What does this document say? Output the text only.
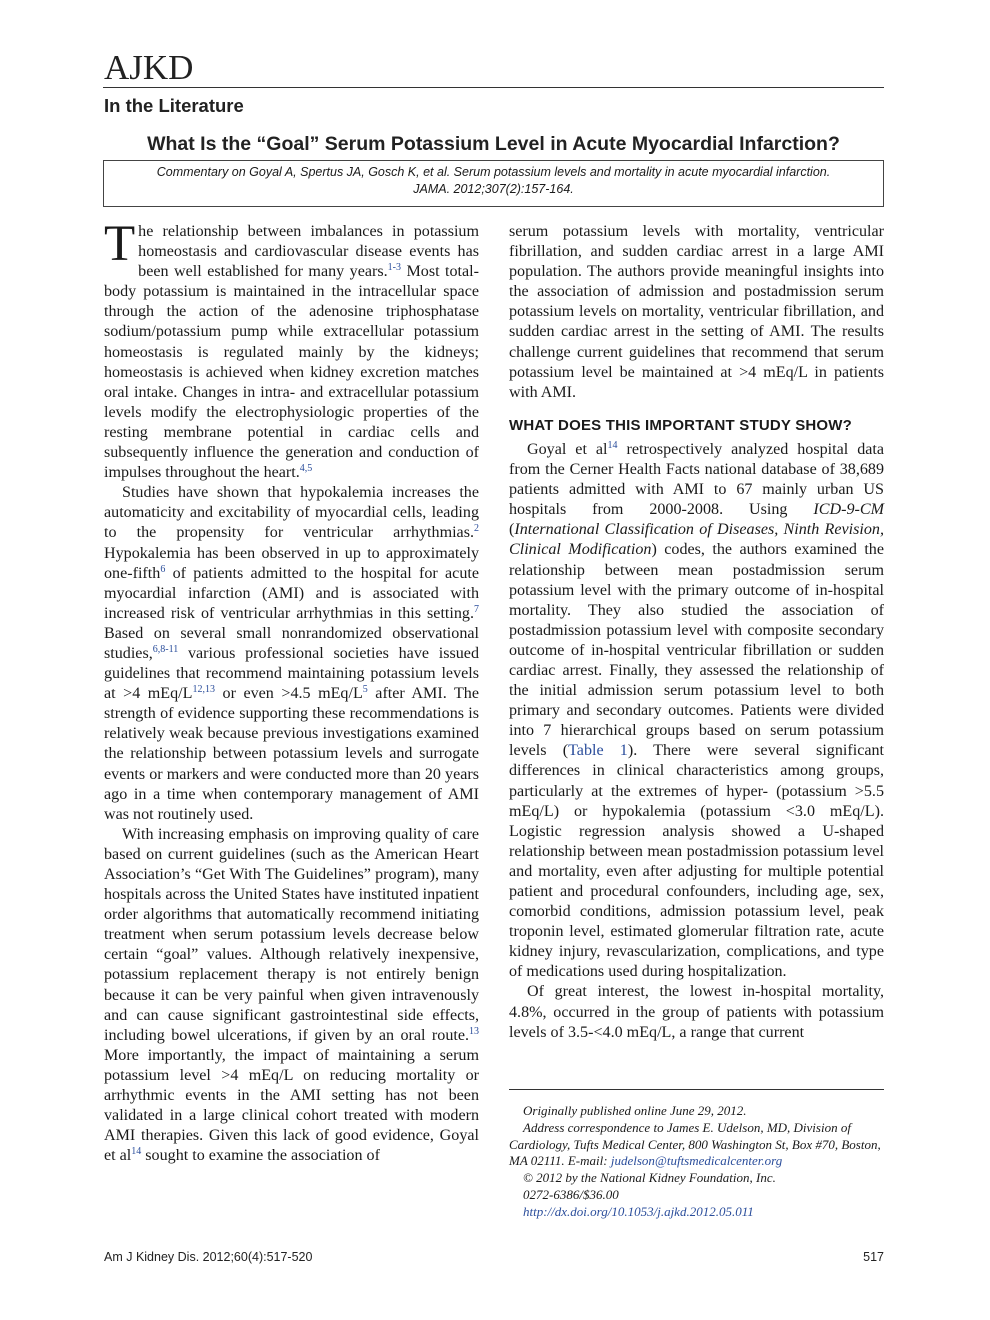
AJKD
In the Literature
What Is the “Goal” Serum Potassium Level in Acute Myocardial Infarction?
Commentary on Goyal A, Spertus JA, Gosch K, et al. Serum potassium levels and mortality in acute myocardial infarction.
JAMA. 2012;307(2):157-164.

The relationship between imbalances in potassium homeostasis and cardiovascular disease events has been well established for many years.$^{1-3}$ Most total-body potassium is maintained in the intracellular space through the action of the adenosine triphosphatase sodium/potassium pump while extracellular potassium homeostasis is regulated mainly by the kidneys; homeostasis is achieved when kidney excretion matches oral intake. Changes in intra- and extracellular potassium levels modify the electrophysiologic properties of the resting membrane potential in cardiac cells and subsequently influence the generation and conduction of impulses throughout the heart.$^{4,5}$

Studies have shown that hypokalemia increases the automaticity and excitability of myocardial cells, leading to the propensity for ventricular arrhythmias.$^2$ Hypokalemia has been observed in up to approximately one-fifth$^6$ of patients admitted to the hospital for acute myocardial infarction (AMI) and is associated with increased risk of ventricular arrhythmias in this setting.$^7$ Based on several small nonrandomized observational studies,$^{6,8-11}$ various professional societies have issued guidelines that recommend maintaining potassium levels at >4 mEq/$L^{12,13}$ or even >4.5 mEq/$L^5$ after AMI. The strength of evidence supporting these recommendations is relatively weak because previous investigations examined the relationship between potassium levels and surrogate events or markers and were conducted more than 20 years ago in a time when contemporary management of AMI was not routinely used.

With increasing emphasis on improving quality of care based on current guidelines (such as the American Heart Association’s “Get With The Guidelines” program), many hospitals across the United States have instituted inpatient order algorithms that automatically recommend initiating treatment when serum potassium levels decrease below certain “goal” values. Although relatively inexpensive, potassium replacement therapy is not entirely benign because it can be very painful when given intravenously and can cause significant gastrointestinal side effects, including bowel ulcerations, if given by an oral route.$^{13}$ More importantly, the impact of maintaining a serum potassium level >4 mEq/L on reducing mortality or arrhythmic events in the AMI setting has not been validated in a large clinical cohort treated with modern AMI therapies. Given this lack of good evidence, Goyal et $al^{14}$ sought to examine the association of

serum potassium levels with mortality, ventricular fibrillation, and sudden cardiac arrest in a large AMI population. The authors provide meaningful insights into the association of admission and postadmission serum potassium levels on mortality, ventricular fibrillation, and sudden cardiac arrest in the setting of AMI. The results challenge current guidelines that recommend that serum potassium level be maintained at >4 mEq/L in patients with AMI.

WHAT DOES THIS IMPORTANT STUDY SHOW?

Goyal et $al^{14}$ retrospectively analyzed hospital data from the Cerner Health Facts national database of 38,689 patients admitted with AMI to 67 mainly urban US hospitals from 2000-2008. Using ICD-9-CM (International Classification of Diseases, Ninth Revision, Clinical Modification) codes, the authors examined the relationship between mean postadmission serum potassium level with the primary outcome of in-hospital mortality. They also studied the association of postadmission potassium level with composite secondary outcome of in-hospital ventricular fibrillation or sudden cardiac arrest. Finally, they assessed the relationship of the initial admission serum potassium level to both primary and secondary outcomes. Patients were divided into 7 hierarchical groups based on serum potassium levels (Table 1). There were several significant differences in clinical characteristics among groups, particularly at the extremes of hyper- (potassium >5.5 mEq/L) or hypokalemia (potassium <3.0 mEq/L). Logistic regression analysis showed a U-shaped relationship between mean postadmission potassium level and mortality, even after adjusting for multiple potential patient and procedural confounders, including age, sex, comorbid conditions, admission potassium level, peak troponin level, estimated glomerular filtration rate, acute kidney injury, revascularization, complications, and type of medications used during hospitalization.

Of great interest, the lowest in-hospital mortality, 4.8%, occurred in the group of patients with potassium levels of 3.5-<4.0 mEq/L, a range that current

Originally published online June 29, 2012.

Address correspondence to James E. Udelson, MD, Division of Cardiology, Tufts Medical Center, 800 Washington St, Box #70, Boston, MA 02111. E-mail: judelson@tuftsmedicalcenter.org

© 2012 by the National Kidney Foundation, Inc.

0272-6386/$36.00

http://dx.doi.org/10.1053/j.ajkd.2012.05.011

Am J Kidney Dis. 2012;60(4):517-520	517
